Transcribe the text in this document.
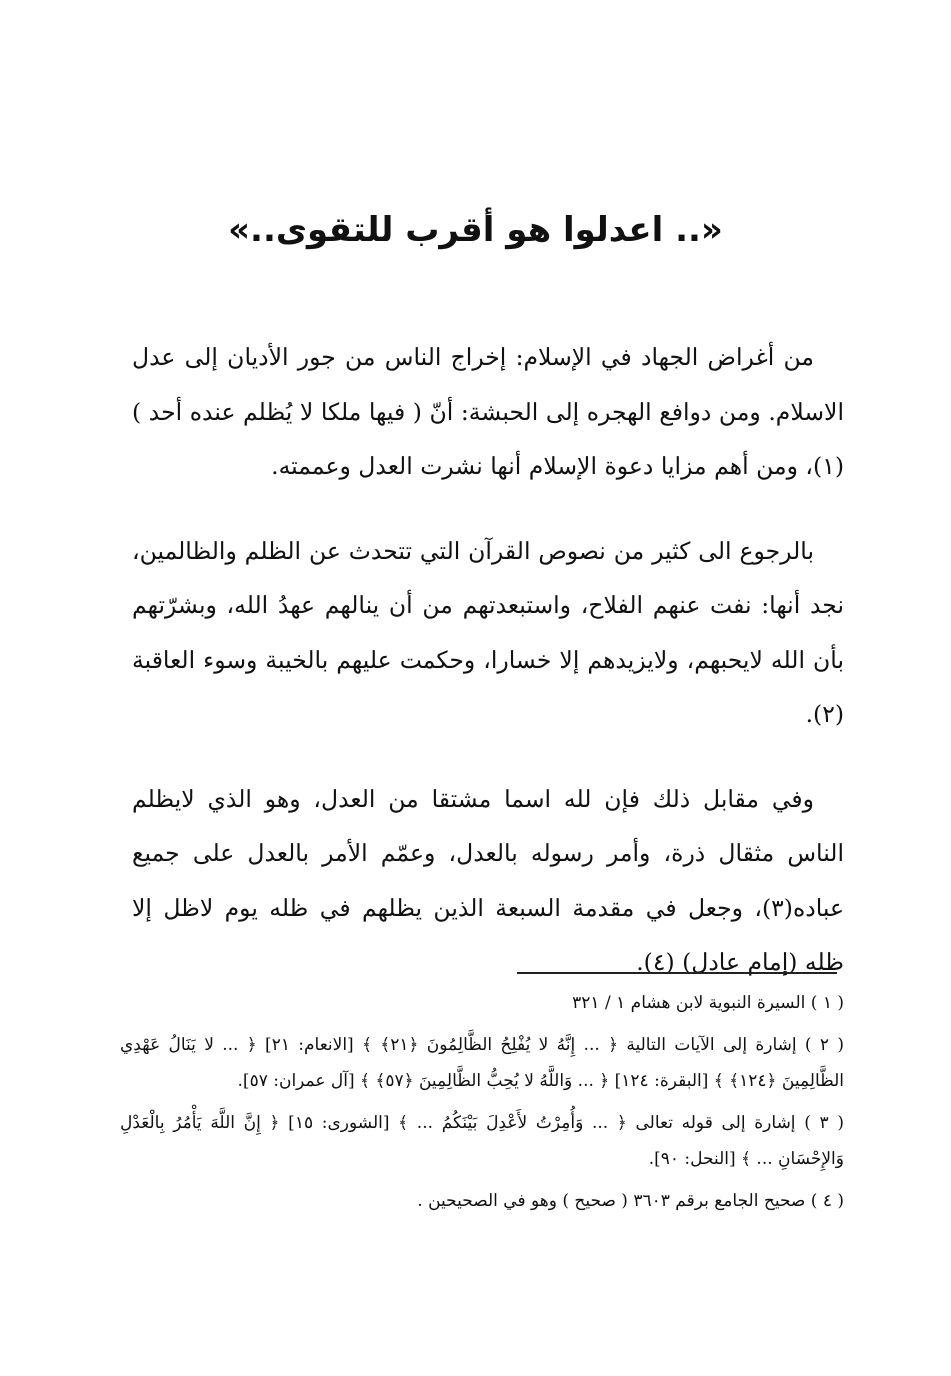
«.. اعدلوا هو أقرب للتقوى..»

من أغراض الجهاد في الإسلام: إخراج الناس من جور الأديان إلى عدل الاسلام. ومن دوافع الهجره إلى الحبشة: أنّ ( فيها ملكا لا يُظلم عنده أحد )(١)، ومن أهم مزايا دعوة الإسلام أنها نشرت العدل وعممته.

بالرجوع الى كثير من نصوص القرآن التي تتحدث عن الظلم والظالمين، نجد أنها: نفت عنهم الفلاح، واستبعدتهم من أن ينالهم عهدُ الله، وبشرّتهم بأن الله لايحبهم، ولايزيدهم إلا خسارا، وحكمت عليهم بالخيبة وسوء العاقبة (٢).

وفي مقابل ذلك فإن لله اسما مشتقا من العدل، وهو الذي لايظلم الناس مثقال ذرة، وأمر رسوله بالعدل، وعمّم الأمر بالعدل على جميع عباده(٣)، وجعل في مقدمة السبعة الذين يظلهم في ظله يوم لاظل إلا ظله (إمام عادل) (٤).

( ١ ) السيرة النبوية لابن هشام ١ / ٣٢١

( ٢ ) إشارة إلى الآيات التالية ﴿ ... إِنَّهُ لا يُفْلِحُ الظَّالِمُونَ ﴿٢١﴾ ﴾ [الانعام: ٢١] ﴿ ... لا يَنَالُ عَهْدِي الظَّالِمِينَ ﴿١٢٤﴾ ﴾ [البقرة: ١٢٤] ﴿ ... وَاللَّهُ لا يُحِبُّ الظَّالِمِينَ ﴿٥٧﴾ ﴾ [آل عمران: ٥٧].

( ٣ ) إشارة إلى قوله تعالى ﴿ ... وَأُمِرْتُ لأَعْدِلَ بَيْنَكُمُ ... ﴾ [الشورى: ١٥] ﴿ إِنَّ اللَّهَ يَأْمُرُ بِالْعَدْلِ وَالإِحْسَانِ ... ﴾ [النحل: ٩٠].

( ٤ ) صحيح الجامع برقم ٣٦٠٣ ( صحيح ) وهو في الصحيحين .
